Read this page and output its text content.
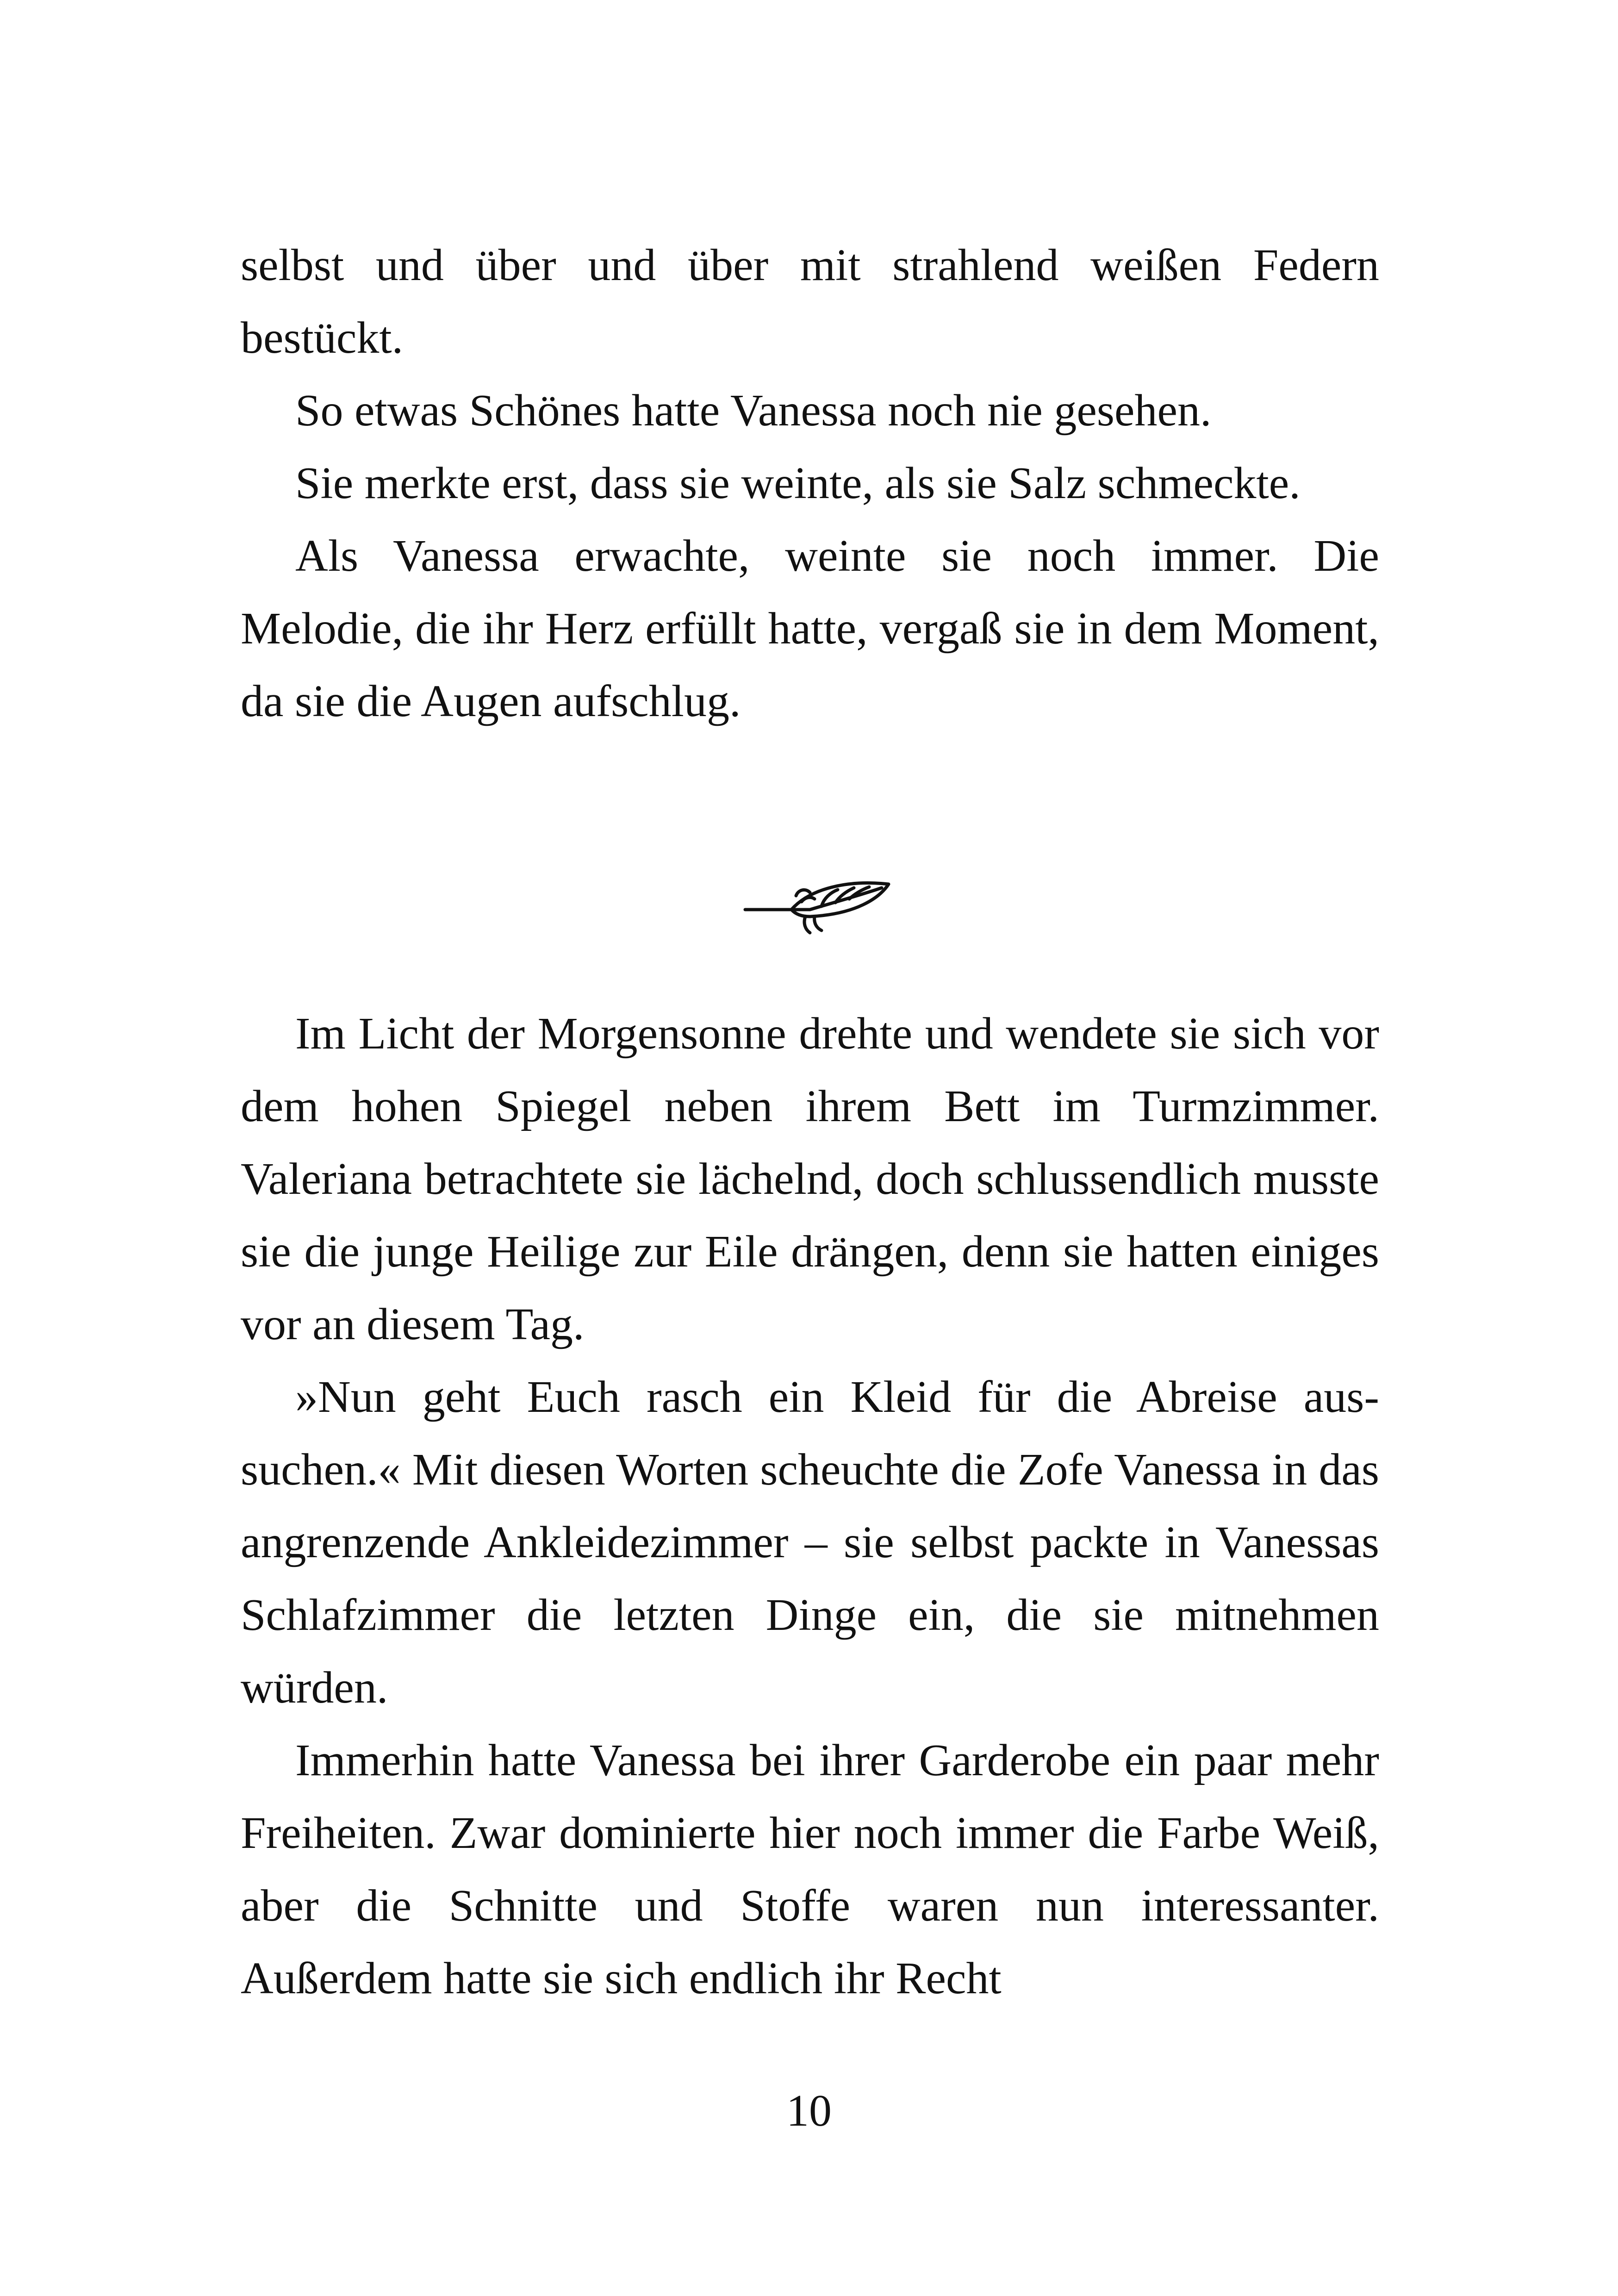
selbst und über und über mit strahlend weißen Federn bestückt.

So etwas Schönes hatte Vanessa noch nie gesehen.

Sie merkte erst, dass sie weinte, als sie Salz schmeckte.

Als Vanessa erwachte, weinte sie noch immer. Die Melodie, die ihr Herz erfüllt hatte, vergaß sie in dem Moment, da sie die Augen aufschlug.

Im Licht der Morgensonne drehte und wendete sie sich vor dem hohen Spiegel neben ihrem Bett im Turmzimmer. Valeriana betrachtete sie lächelnd, doch schlussendlich musste sie die junge Heilige zur Eile drängen, denn sie hatten einiges vor an diesem Tag.

»Nun geht Euch rasch ein Kleid für die Abreise aussuchen.« Mit diesen Worten scheuchte die Zofe Vanessa in das angrenzende Ankleidezimmer – sie selbst packte in Vanessas Schlafzimmer die letzten Dinge ein, die sie mitnehmen würden.

Immerhin hatte Vanessa bei ihrer Garderobe ein paar mehr Freiheiten. Zwar dominierte hier noch immer die Farbe Weiß, aber die Schnitte und Stoffe waren nun interessanter. Außerdem hatte sie sich endlich ihr Recht

10
